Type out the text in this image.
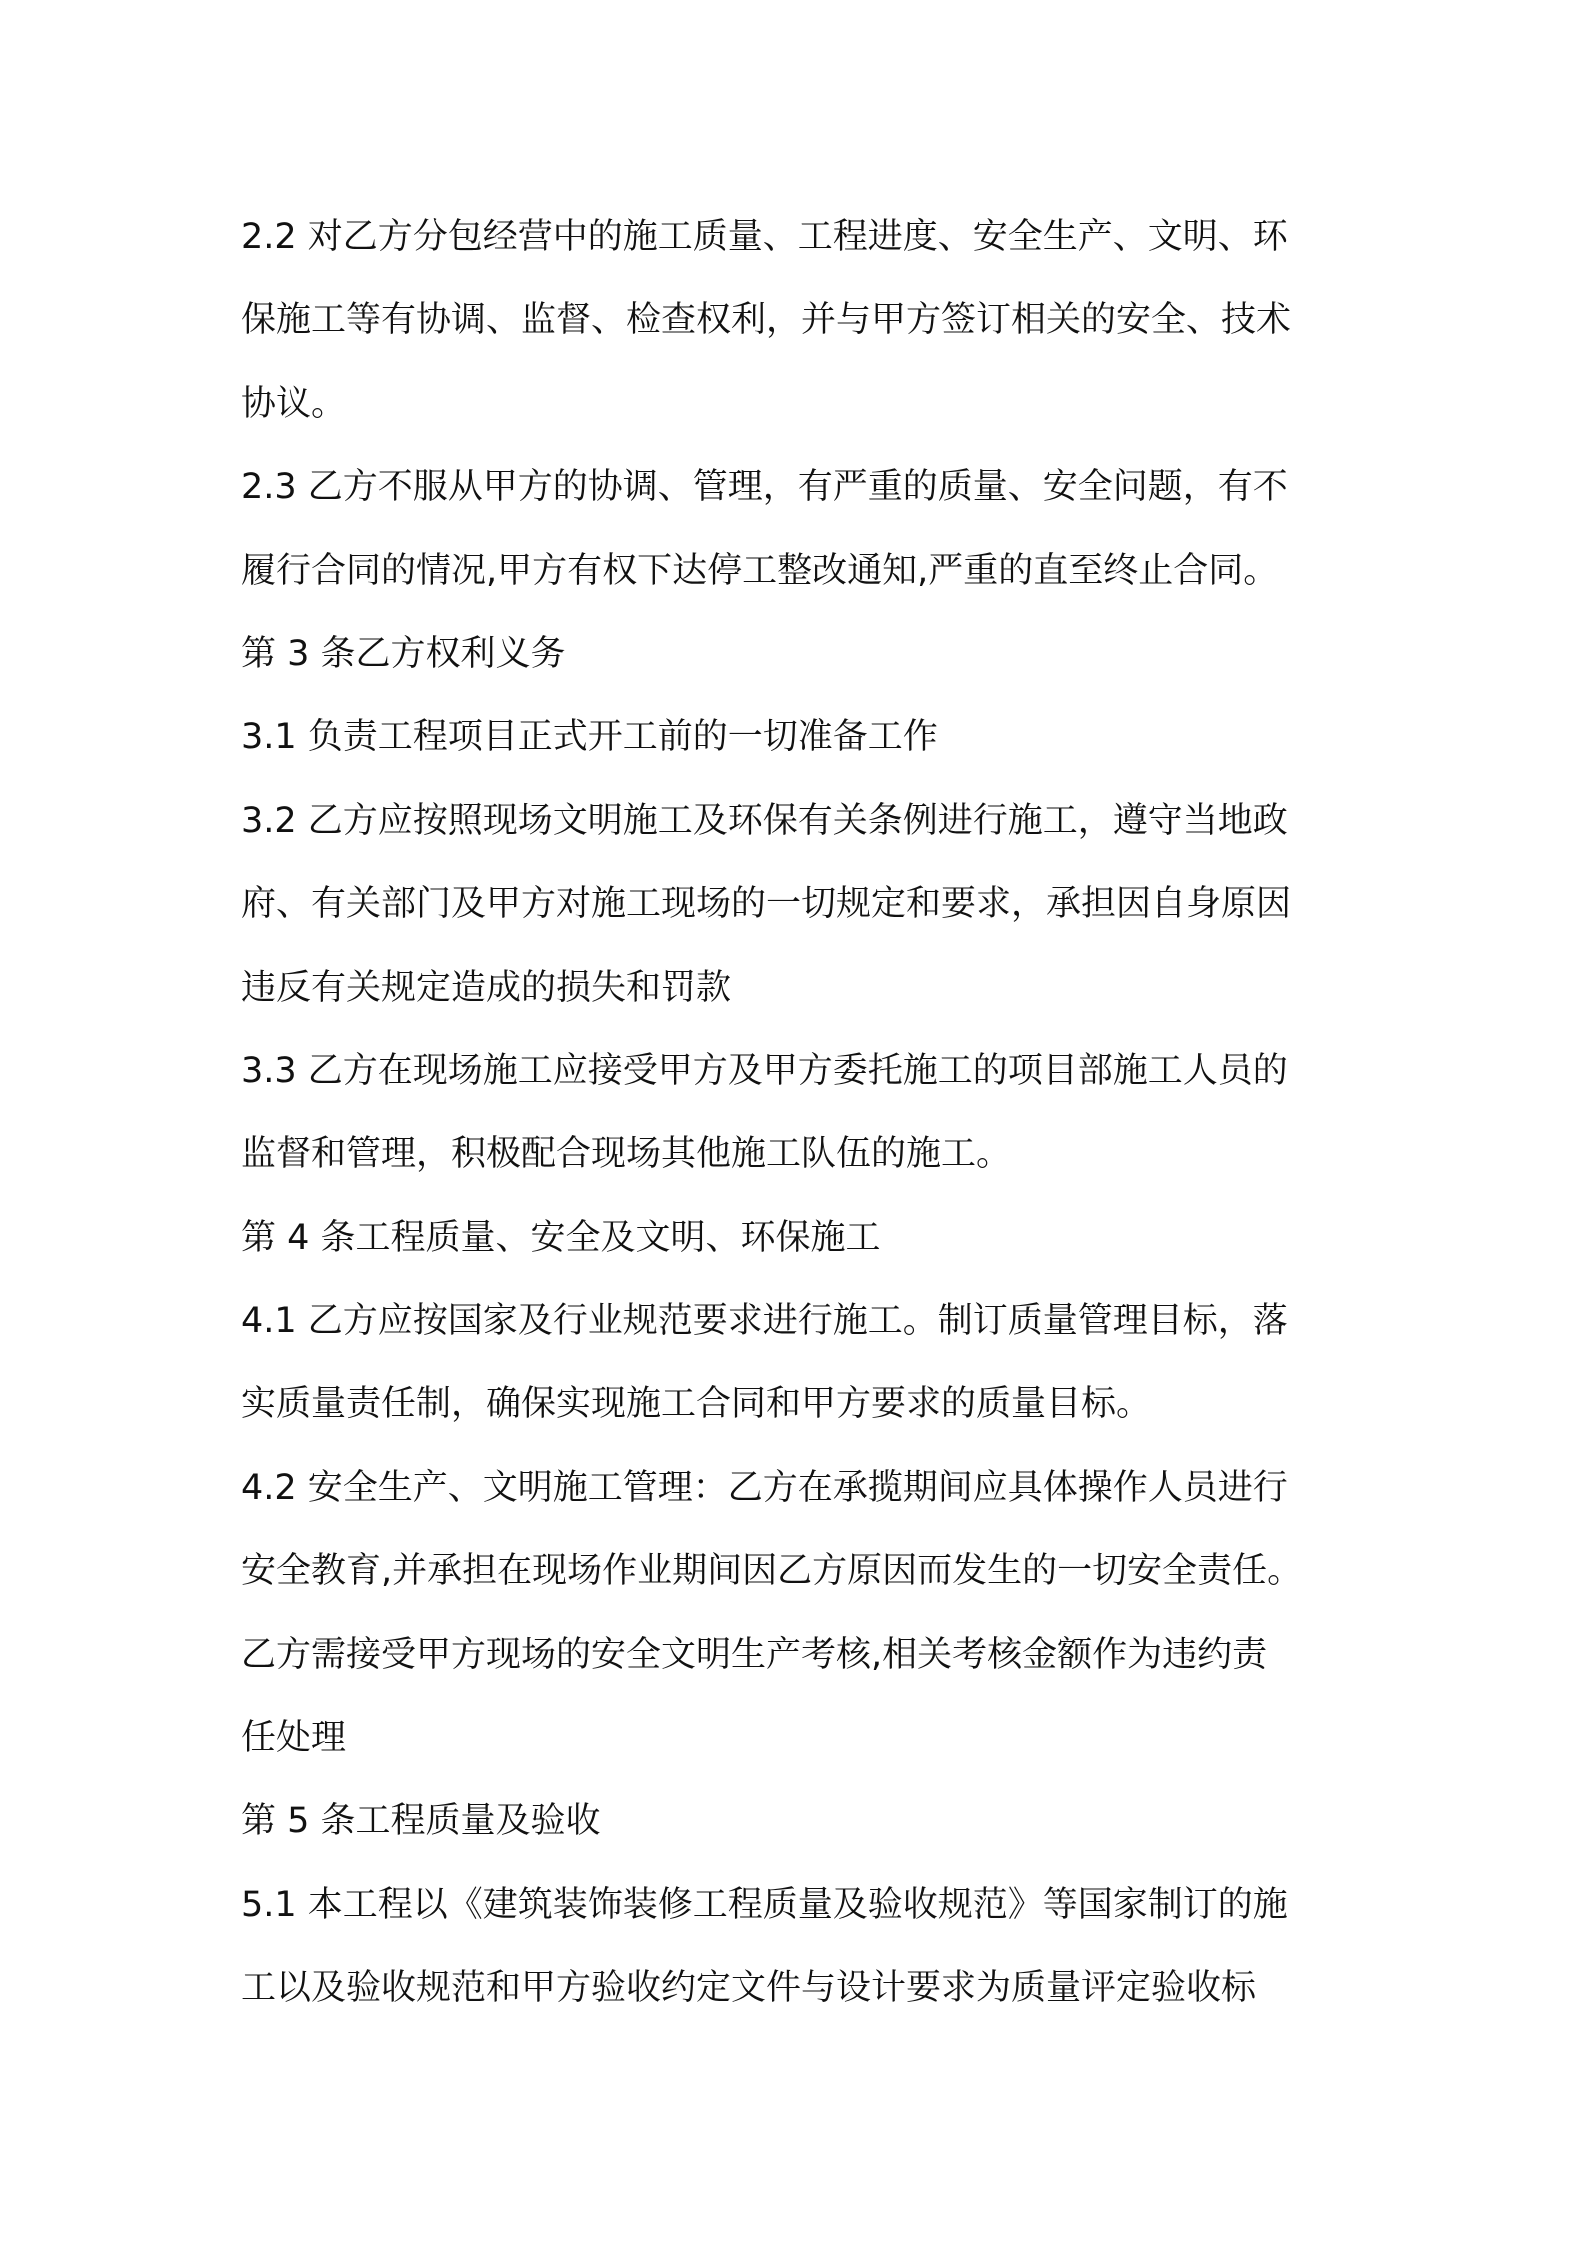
2.2 对乙方分包经营中的施工质量、工程进度、安全生产、文明、环
保施工等有协调、监督、检查权利，并与甲方签订相关的安全、技术
协议。
2.3 乙方不服从甲方的协调、管理，有严重的质量、安全问题，有不
履行合同的情况,甲方有权下达停工整改通知,严重的直至终止合同。
第 3 条乙方权利义务
3.1 负责工程项目正式开工前的一切准备工作
3.2 乙方应按照现场文明施工及环保有关条例进行施工，遵守当地政
府、有关部门及甲方对施工现场的一切规定和要求，承担因自身原因
违反有关规定造成的损失和罚款
3.3 乙方在现场施工应接受甲方及甲方委托施工的项目部施工人员的
监督和管理，积极配合现场其他施工队伍的施工。
第 4 条工程质量、安全及文明、环保施工
4.1 乙方应按国家及行业规范要求进行施工。制订质量管理目标，落
实质量责任制，确保实现施工合同和甲方要求的质量目标。
4.2 安全生产、文明施工管理：乙方在承揽期间应具体操作人员进行
安全教育,并承担在现场作业期间因乙方原因而发生的一切安全责任。
乙方需接受甲方现场的安全文明生产考核,相关考核金额作为违约责
任处理
第 5 条工程质量及验收
5.1 本工程以《建筑装饰装修工程质量及验收规范》等国家制订的施
工以及验收规范和甲方验收约定文件与设计要求为质量评定验收标
